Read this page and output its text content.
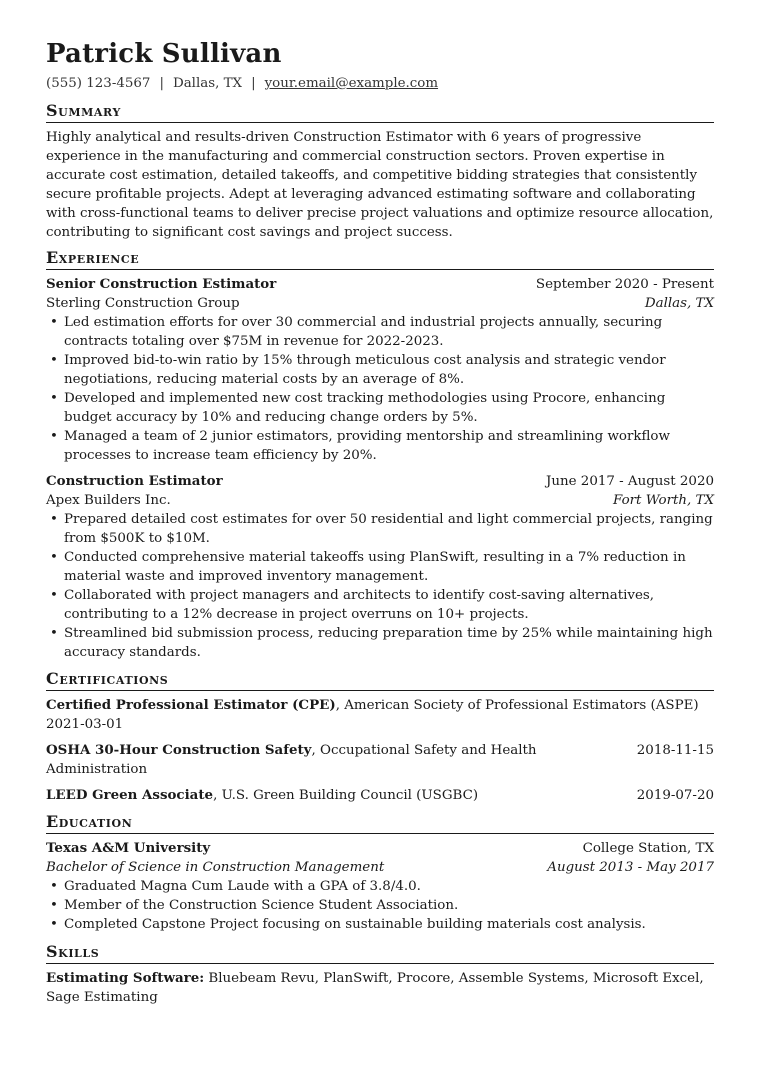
Patrick Sullivan
(555) 123-4567 | Dallas, TX | your.email@example.com
Summary

Highly analytical and results-driven Construction Estimator with 6 years of progressive experience in the manufacturing and commercial construction sectors. Proven expertise in accurate cost estimation, detailed takeoffs, and competitive bidding strategies that consistently secure profitable projects. Adept at leveraging advanced estimating software and collaborating with cross-functional teams to deliver precise project valuations and optimize resource allocation, contributing to significant cost savings and project success.

Experience
Senior Construction Estimator	September 2020 - Present
Sterling Construction Group	Dallas, TX
• Led estimation efforts for over 30 commercial and industrial projects annually, securing contracts totaling over $75M in revenue for 2022-2023.
• Improved bid-to-win ratio by 15% through meticulous cost analysis and strategic vendor negotiations, reducing material costs by an average of 8%.
• Developed and implemented new cost tracking methodologies using Procore, enhancing budget accuracy by 10% and reducing change orders by 5%.
• Managed a team of 2 junior estimators, providing mentorship and streamlining workflow processes to increase team efficiency by 20%.
Construction Estimator	June 2017 - August 2020
Apex Builders Inc.	Fort Worth, TX
• Prepared detailed cost estimates for over 50 residential and light commercial projects, ranging from $500K to $10M.
• Conducted comprehensive material takeoffs using PlanSwift, resulting in a 7% reduction in material waste and improved inventory management.
• Collaborated with project managers and architects to identify cost-saving alternatives, contributing to a 12% decrease in project overruns on 10+ projects.
• Streamlined bid submission process, reducing preparation time by 25% while maintaining high accuracy standards.
Certifications
Certified Professional Estimator (CPE), American Society of Professional Estimators (ASPE)
2021-03-01
OSHA 30-Hour Construction Safety, Occupational Safety and Health Administration
2018-11-15
LEED Green Associate, U.S. Green Building Council (USGBC)	2019-07-20
Education
Texas A&M University	College Station, TX
Bachelor of Science in Construction Management	August 2013 - May 2017
• Graduated Magna Cum Laude with a GPA of 3.8/4.0.
• Member of the Construction Science Student Association.
• Completed Capstone Project focusing on sustainable building materials cost analysis.
Skills

Estimating Software: Bluebeam Revu, PlanSwift, Procore, Assemble Systems, Microsoft Excel, Sage Estimating
